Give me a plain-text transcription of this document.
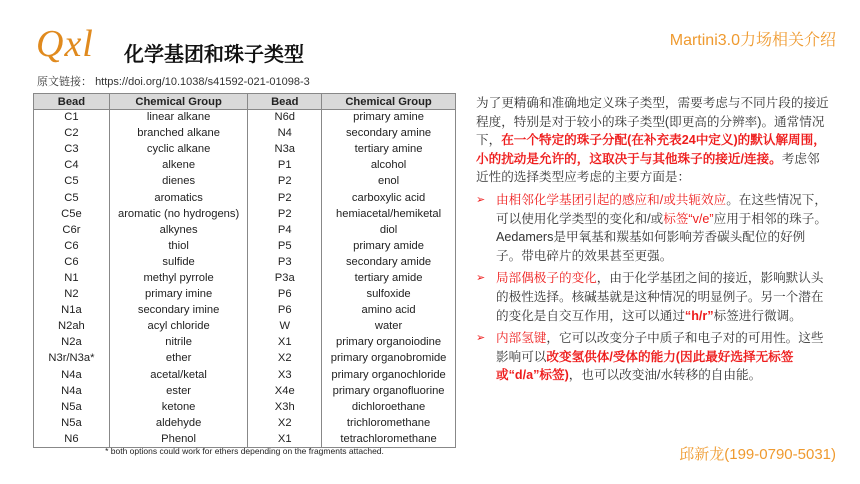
Qxl 化学基团和珠子类型
Martini3.0力场相关介绍
原文链接： https://doi.org/10.1038/s41592-021-01098-3
Bead	Chemical Group	Bead	Chemical Group
C1	linear alkane	N6d	primary amine
C2	branched alkane	N4	secondary amine
C3	cyclic alkane	N3a	tertiary amine
C4	alkene	P1	alcohol
C5	dienes	P2	enol
C5	aromatics	P2	carboxylic acid
C5e	aromatic (no hydrogens)	P2	hemiacetal/hemiketal
C6r	alkynes	P4	diol
C6	thiol	P5	primary amide
C6	sulfide	P3	secondary amide
N1	methyl pyrrole	P3a	tertiary amide
N2	primary imine	P6	sulfoxide
N1a	secondary imine	P6	amino acid
N2ah	acyl chloride	W	water
N2a	nitrile	X1	primary organoiodine
N3r/N3a*	ether	X2	primary organobromide
N4a	acetal/ketal	X3	primary organochloride
N4a	ester	X4e	primary organofluorine
N5a	ketone	X3h	dichloroethane
N5a	aldehyde	X2	trichloromethane
N6	Phenol	X1	tetrachloromethane
* both options could work for ethers depending on the fragments attached.

为了更精确和准确地定义珠子类型，需要考虑与不同片段的接近程度，特别是对于较小的珠子类型(即更高的分辨率)。通常情况下，在一个特定的珠子分配(在补充表24中定义)的默认解周围，小的扰动是允许的，这取决于与其他珠子的接近/连接。考虑邻近性的选择类型应考虑的主要方面是：

➢ 由相邻化学基团引起的感应和/或共轭效应。在这些情况下，可以使用化学类型的变化和/或标签“v/e”应用于相邻的珠子。Aedamers是甲氧基和羰基如何影响芳香碳头配位的好例子。带电碎片的效果甚至更强。

➢ 局部偶极子的变化，由于化学基团之间的接近，影响默认头的极性选择。核碱基就是这种情况的明显例子。另一个潜在的变化是自交互作用，这可以通过“h/r”标签进行微调。

➢ 内部氢键，它可以改变分子中质子和电子对的可用性。这些影响可以改变氢供体/受体的能力(因此最好选择无标签或“d/a”标签)，也可以改变油/水转移的自由能。

邱新龙(199-0790-5031)
